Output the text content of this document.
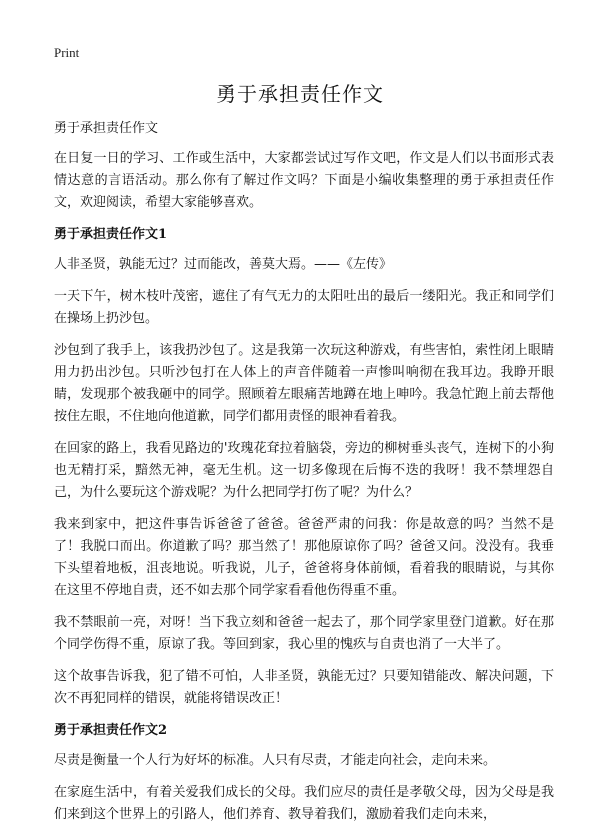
Print
勇于承担责任作文

勇于承担责任作文

在日复一日的学习、工作或生活中，大家都尝试过写作文吧，作文是人们以书面形式表情达意的言语活动。那么你有了解过作文吗？下面是小编收集整理的勇于承担责任作文，欢迎阅读，希望大家能够喜欢。

勇于承担责任作文1

人非圣贤，孰能无过？过而能改，善莫大焉。——《左传》

一天下午，树木枝叶茂密，遮住了有气无力的太阳吐出的最后一缕阳光。我正和同学们在操场上扔沙包。

沙包到了我手上，该我扔沙包了。这是我第一次玩这种游戏，有些害怕，索性闭上眼睛用力扔出沙包。只听沙包打在人体上的声音伴随着一声惨叫响彻在我耳边。我睁开眼睛，发现那个被我砸中的同学。照顾着左眼痛苦地蹲在地上呻吟。我急忙跑上前去帮他按住左眼，不住地向他道歉，同学们都用责怪的眼神看着我。

在回家的路上，我看见路边的'玫瑰花耷拉着脑袋，旁边的柳树垂头丧气，连树下的小狗也无精打采，黯然无神，毫无生机。这一切多像现在后悔不迭的我呀！我不禁埋怨自己，为什么要玩这个游戏呢？为什么把同学打伤了呢？为什么？

我来到家中，把这件事告诉爸爸了爸爸。爸爸严肃的问我：你是故意的吗？当然不是了！我脱口而出。你道歉了吗？那当然了！那他原谅你了吗？爸爸又问。没没有。我垂下头望着地板，沮丧地说。听我说，儿子，爸爸将身体前倾，看着我的眼睛说，与其你在这里不停地自责，还不如去那个同学家看看他伤得重不重。

我不禁眼前一亮，对呀！当下我立刻和爸爸一起去了，那个同学家里登门道歉。好在那个同学伤得不重，原谅了我。等回到家，我心里的愧疚与自责也消了一大半了。

这个故事告诉我，犯了错不可怕，人非圣贤，孰能无过？只要知错能改、解决问题，下次不再犯同样的错误，就能将错误改正！

勇于承担责任作文2

尽责是衡量一个人行为好坏的标准。人只有尽责，才能走向社会，走向未来。

在家庭生活中，有着关爱我们成长的父母。我们应尽的责任是孝敬父母，因为父母是我们来到这个世界上的引路人，他们养育、教导着我们，激励着我们走向未来，
